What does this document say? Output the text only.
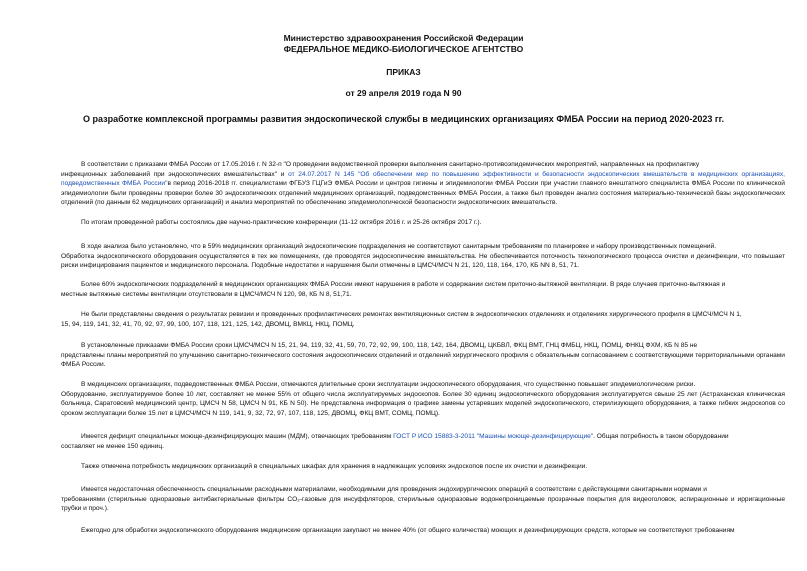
Министерство здравоохранения Российской Федерации
ФЕДЕРАЛЬНОЕ МЕДИКО-БИОЛОГИЧЕСКОЕ АГЕНТСТВО
ПРИКАЗ
от 29 апреля 2019 года N 90
О разработке комплексной программы развития эндоскопической службы в медицинских организациях ФМБА России на период 2020-2023 гг.
В соответствии с приказами ФМБА России от 17.05.2016 г. N 32-п "О проведении ведомственной проверки выполнения санитарно-противоэпидемических мероприятий, направленных на профилактику
инфекционных заболеваний при эндоскопических вмешательствах" и от 24.07.2017 N 145 "Об обеспечении мер по повышению эффективности и безопасности эндоскопических вмешательств в медицинских организациях, подведомственных ФМБА России"в период 2016-2018 гг. специалистами ФГБУЗ ГЦГиЭ ФМБА России и центров гигиены и эпидемиологии ФМБА России при участии главного внештатного специалиста ФМБА России по клинической эпидемиологии были проведены проверки более 30 эндоскопических отделений медицинских организаций, подведомственных ФМБА России, а также был проведен анализ состояния материально-технической базы эндоскопических отделений (по данным 62 медицинских организаций) и анализ мероприятий по обеспечению эпидемиологической безопасности эндоскопических вмешательств.
По итогам проведенной работы состоялись две научно-практические конференции (11-12 октября 2016 г. и 25-26 октября 2017 г.).
В ходе анализа было установлено, что в 59% медицинских организаций эндоскопические подразделения не соответствуют санитарным требованиям по планировке и набору производственных помещений.
Обработка эндоскопического оборудования осуществляется в тех же помещениях, где проводятся эндоскопические вмешательства. Не обеспечивается поточность технологического процесса очистки и дезинфекции, что повышает риски инфицирования пациентов и медицинского персонала. Подобные недостатки и нарушения были отмечены в ЦМСЧ/МСЧ N 21, 120, 118, 164, 170, КБ NN 8, 51, 71.
Более 60% эндоскопических подразделений в медицинских организациях ФМБА России имеют нарушения в работе и содержании систем приточно-вытяжной вентиляции. В ряде случаев приточно-вытяжная и
местные вытяжные системы вентиляции отсутствовали в ЦМСЧ/МСЧ N 120, 98, КБ N 8, 51,71.
Не были представлены сведения о результатах ревизии и проведенных профилактических ремонтах вентиляционных систем в эндоскопических отделениях и отделениях хирургического профиля в ЦМСЧ/МСЧ N 1,
15, 94, 119, 141, 32, 41, 70, 92, 97, 99, 100, 107, 118, 121, 125, 142, ДВОМЦ, ВМКЦ, НКЦ, ПОМЦ.
В установленные приказами ФМБА России сроки ЦМСЧ/МСЧ N 15, 21, 94, 119, 32, 41, 59, 70, 72, 92, 99, 100, 118, 142, 164, ДВОМЦ, ЦКБВЛ, ФКЦ ВМТ, ГНЦ ФМБЦ, НКЦ, ПОМЦ, ФНКЦ ФХМ, КБ N 85 не
представлены планы мероприятий по улучшению санитарно-технического состояния эндоскопических отделений и отделений хирургического профиля с обязательным согласованием с соответствующими территориальными органами ФМБА России.
В медицинских организациях, подведомственных ФМБА России, отмечаются длительные сроки эксплуатации эндоскопического оборудования, что существенно повышает эпидемиологические риски.
Оборудование, эксплуатируемое более 10 лет, составляет не менее 55% от общего числа эксплуатируемых эндоскопов. Более 30 единиц эндоскопического оборудования эксплуатируется свыше 25 лет (Астраханская клиническая больница, Саратовский медицинский центр, ЦМСЧ N 58, ЦМСЧ N 91, КБ N 50). Не представлена информация о графике замены устаревших моделей эндоскопического, стерилизующего оборудования, а также гибких эндоскопов со сроком эксплуатации более 15 лет в ЦМСЧ/МСЧ N 119, 141, 9, 32, 72, 97, 107, 118, 125, ДВОМЦ, ФКЦ ВМТ, СОМЦ, ПОМЦ).
Имеется дефицит специальных моюще-дезинфицирующих машин (МДМ), отвечающих требованиям ГОСТ Р ИСО 15883-3-2011 "Машины моюще-дезинфицирующие". Общая потребность в таком оборудовании
составляет не менее 150 единиц.
Также отмечена потребность медицинских организаций в специальных шкафах для хранения в надлежащих условиях эндоскопов после их очистки и дезинфекции.
Имеется недостаточная обеспеченность специальными расходными материалами, необходимыми для проведения эндохирургических операций в соответствии с действующими санитарными нормами и
требованиями (стерильные одноразовые антибактериальные фильтры CO₂-газовые для инсуффляторов, стерильные одноразовые водонепроницаемые прозрачные покрытия для видеоголовок, аспирационные и ирригационные трубки и проч.).
Ежегодно для обработки эндоскопического оборудования медицинские организации закупают не менее 40% (от общего количества) моющих и дезинфицирующих средств, которые не соответствуют требованиям
